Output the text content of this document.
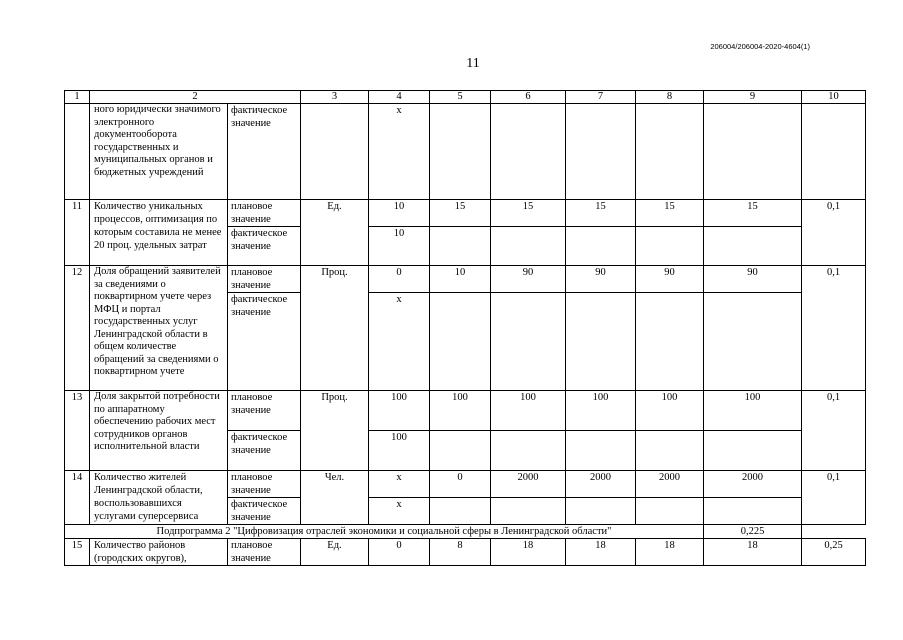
206004/206004-2020-4604(1)
11
1	2		3	4	5	6	7	8	9	10
	ного юридически значимого электронного документооборота государственных и муниципальных органов и бюджетных учреждений	фактическое значение		х						
11	Количество уникальных процессов, оптимизация по которым составила не менее 20 проц. удельных затрат	плановое значение	Ед.	10	15	15	15	15	15	0,1
		фактическое значение		10						
12	Доля обращений заявителей за сведениями о поквартирном учете через МФЦ и портал государственных услуг Ленинградской области в общем количестве обращений за сведениями о поквартирном учете	плановое значение	Проц.	0	10	90	90	90	90	0,1
		фактическое значение		х						
13	Доля закрытой потребности по аппаратному обеспечению рабочих мест сотрудников органов исполнительной власти	плановое значение	Проц.	100	100	100	100	100	100	0,1
		фактическое значение		100						
14	Количество жителей Ленинградской области, воспользовавшихся услугами суперсервиса	плановое значение	Чел.	х	0	2000	2000	2000	2000	0,1
		фактическое значение		х						
Подпрограмма 2 "Цифровизация отраслей экономики и социальной сферы в Ленинградской области"									0,225	
15	Количество районов (городских округов),	плановое значение	Ед.	0	8	18	18	18	18	0,25
